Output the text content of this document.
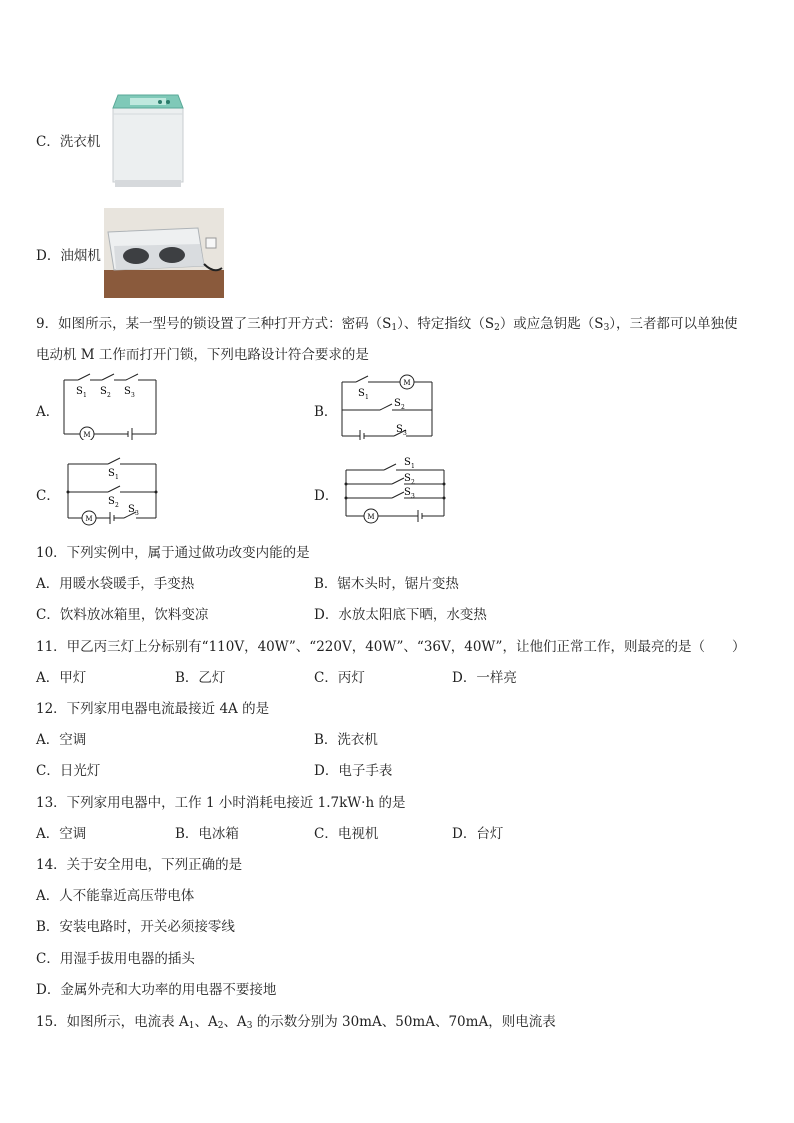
C．洗衣机
D．油烟机
9．如图所示，某一型号的锁设置了三种打开方式：密码$(S_1)$、特定指纹$(S_2)$或应急钥匙$(S_3)$，三者都可以单独使
电动机 M 工作而打开门锁，下列电路设计符合要求的是
A．
M
S 1 S 2 S 3
B．
M
S 1
S 2
S 3
C．
M
S 1
S 2 S 3
D．
M
S 1
S 2
S 3
10．下列实例中，属于通过做功改变内能的是
A．用暖水袋暖手，手变热	B．锯木头时，锯片变热
C．饮料放冰箱里，饮料变凉	D．水放太阳底下晒，水变热
11．甲乙丙三灯上分标别有“110V，40W”、“220V，40W”、“36V，40W”，让他们正常工作，则最亮的是（　　）
A．甲灯	B．乙灯	C．丙灯	D．一样亮
12．下列家用电器电流最接近 4A 的是
A．空调	B．洗衣机
C．日光灯	D．电子手表
13．下列家用电器中，工作 1 小时消耗电接近 1.7kW·h 的是
A．空调	B．电冰箱	C．电视机	D．台灯
14．关于安全用电，下列正确的是
A．人不能靠近高压带电体
B．安装电路时，开关必须接零线
C．用湿手拔用电器的插头
D．金属外壳和大功率的用电器不要接地
15．如图所示，电流表 $A_1$、$A_2$、$A_3$ 的示数分别为 30mA、50mA、70mA，则电流表
